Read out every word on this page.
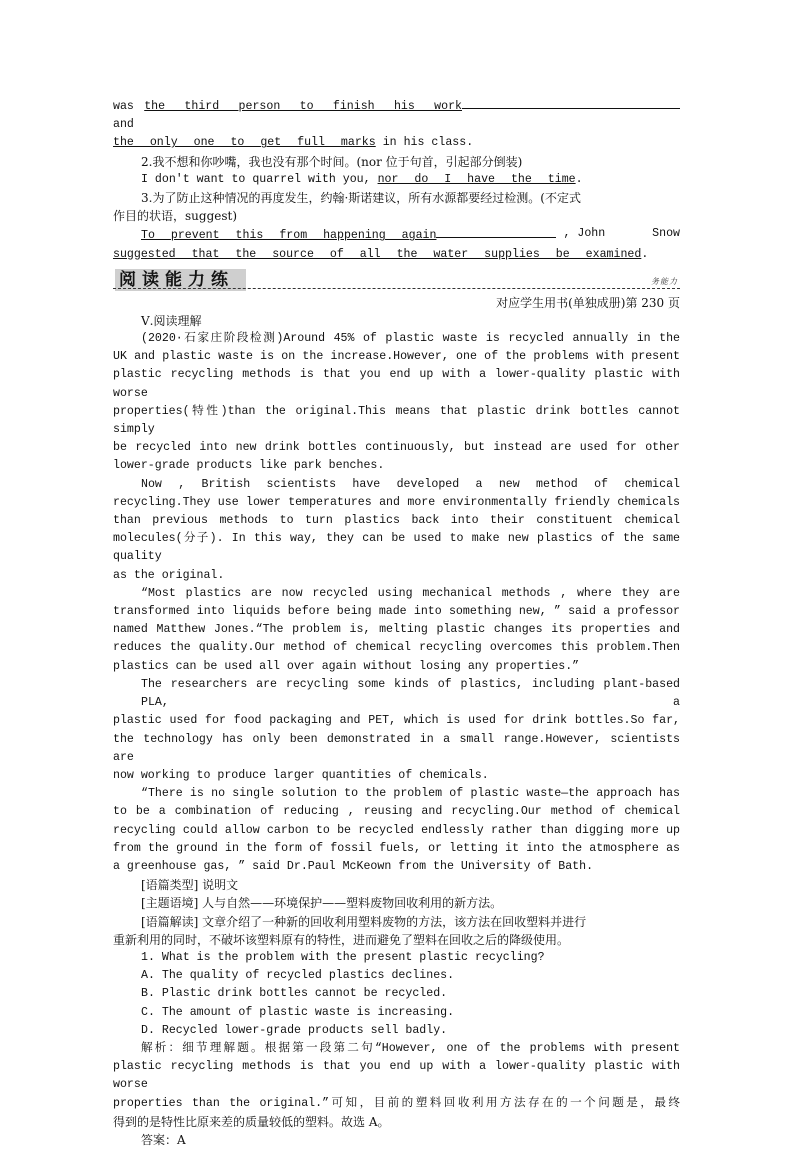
was the third person to finish his work and
the only one to get full marks in his class.
2.我不想和你吵嘴，我也没有那个时间。(nor 位于句首，引起部分倒装)
I don't want to quarrel with you, nor do I have the time.
3.为了防止这种情况的再度发生，约翰·斯诺建议，所有水源都要经过检测。(不定式
作目的状语，suggest)
To prevent this from happening again	, John Snow
suggested that the source of all the water supplies be examined.
阅读能力练	务能力
对应学生用书(单独成册)第 230 页
Ⅴ.阅读理解
(2020·石家庄阶段检测)Around 45% of plastic waste is recycled annually in the
UK and plastic waste is on the increase.However, one of the problems with present
plastic recycling methods is that you end up with a lower-quality plastic with worse
properties(特性)than the original.This means that plastic drink bottles cannot simply
be recycled into new drink bottles continuously, but instead are used for other
lower-grade products like park benches.
Now , British scientists have developed a new method of chemical
recycling.They use lower temperatures and more environmentally friendly chemicals
than previous methods to turn plastics back into their constituent chemical
molecules(分子). In this way, they can be used to make new plastics of the same quality
as the original.
“Most plastics are now recycled using mechanical methods , where they are
transformed into liquids before being made into something new, ” said a professor
named Matthew Jones.“The problem is, melting plastic changes its properties and
reduces the quality.Our method of chemical recycling overcomes this problem.Then
plastics can be used all over again without losing any properties.”
The researchers are recycling some kinds of plastics, including plant-based PLA, a
plastic used for food packaging and PET, which is used for drink bottles.So far,
the technology has only been demonstrated in a small range.However, scientists are
now working to produce larger quantities of chemicals.
“There is no single solution to the problem of plastic waste—the approach has
to be a combination of reducing , reusing and recycling.Our method of chemical
recycling could allow carbon to be recycled endlessly rather than digging more up
from the ground in the form of fossil fuels, or letting it into the atmosphere as
a greenhouse gas, ” said Dr.Paul McKeown from the University of Bath.
[语篇类型] 说明文
[主题语境] 人与自然——环境保护——塑料废物回收利用的新方法。
[语篇解读] 文章介绍了一种新的回收利用塑料废物的方法，该方法在回收塑料并进行
重新利用的同时，不破坏该塑料原有的特性，进而避免了塑料在回收之后的降级使用。
1. What is the problem with the present plastic recycling?
A. The quality of recycled plastics declines.
B. Plastic drink bottles cannot be recycled.
C. The amount of plastic waste is increasing.
D. Recycled lower-grade products sell badly.
解析：细节理解题。根据第一段第二句“However, one of the problems with present
plastic recycling methods is that you end up with a lower-quality plastic with worse
properties than the original.”可知，目前的塑料回收利用方法存在的一个问题是，最终
得到的是特性比原来差的质量较低的塑料。故选 A。
答案：A
